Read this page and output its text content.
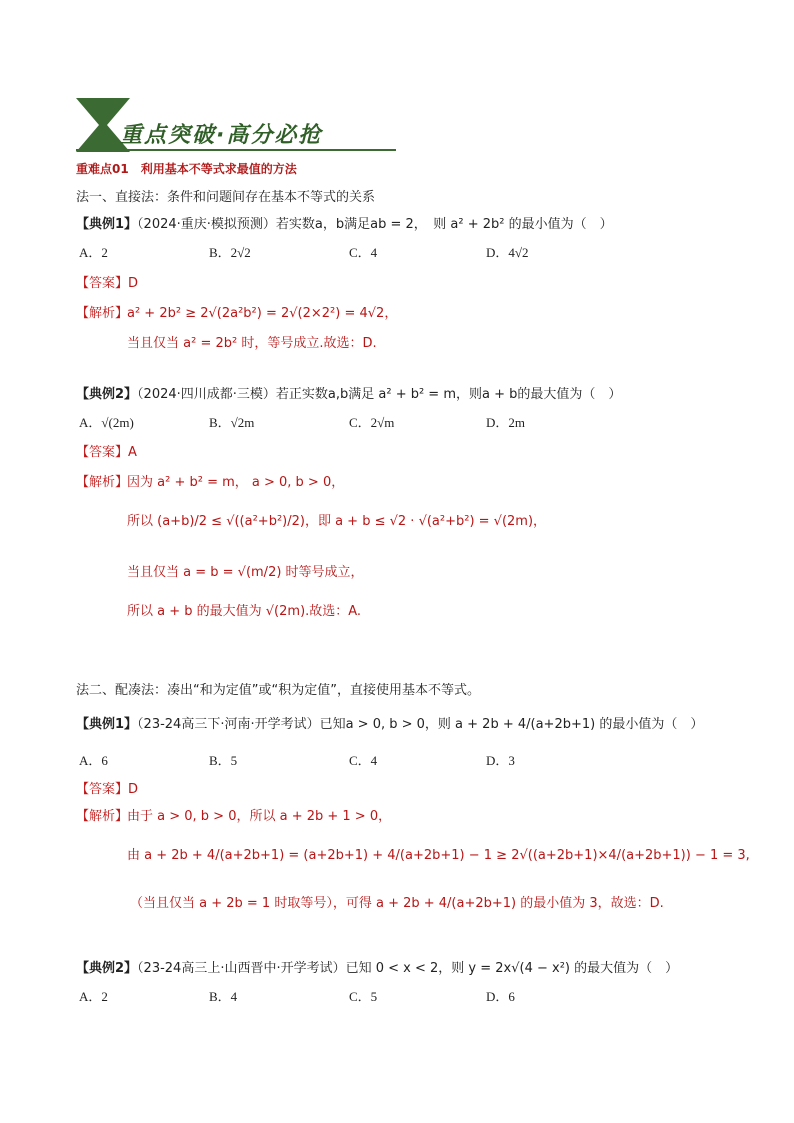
重点突破·高分必抢
重难点01　利用基本不等式求最值的方法
法一、直接法：条件和问题间存在基本不等式的关系
【典例1】（2024·重庆·模拟预测）若实数a，b满足ab = 2，　则 a² + 2b² 的最小值为（　）
A．2	B．2√2	C．4	D．4√2
【答案】D
【解析】
a² + 2b² ≥ 2√(2a²b²) = 2√(2×2²) = 4√2，
当且仅当 a² = 2b² 时，等号成立.故选：D.
【典例2】（2024·四川成都·三模）若正实数a,b满足 a² + b² = m，则a + b的最大值为（　）
A．√(2m)	B．√2m	C．2√m	D．2m
【答案】A
【解析】
因为 a² + b² = m， a > 0, b > 0，
所以 (a+b)/2 ≤ √((a²+b²)/2)，即 a + b ≤ √2 · √(a²+b²) = √(2m)，
当且仅当 a = b = √(m/2) 时等号成立，
所以 a + b 的最大值为 √(2m).故选：A.
法二、配凑法：凑出“和为定值”或“积为定值”，直接使用基本不等式。
【典例1】（23-24高三下·河南·开学考试）已知a > 0, b > 0，则 a + 2b + 4/(a+2b+1) 的最小值为（　）
A．6	B．5	C．4	D．3
【答案】D
【解析】
由于 a > 0, b > 0，所以 a + 2b + 1 > 0，
由 a + 2b + 4/(a+2b+1) = (a+2b+1) + 4/(a+2b+1) − 1 ≥ 2√((a+2b+1)×4/(a+2b+1)) − 1 = 3,
（当且仅当 a + 2b = 1 时取等号），可得 a + 2b + 4/(a+2b+1) 的最小值为 3，故选：D.
【典例2】（23-24高三上·山西晋中·开学考试）已知 0 < x < 2，则 y = 2x√(4 − x²) 的最大值为（　）
A．2	B．4	C．5	D．6
